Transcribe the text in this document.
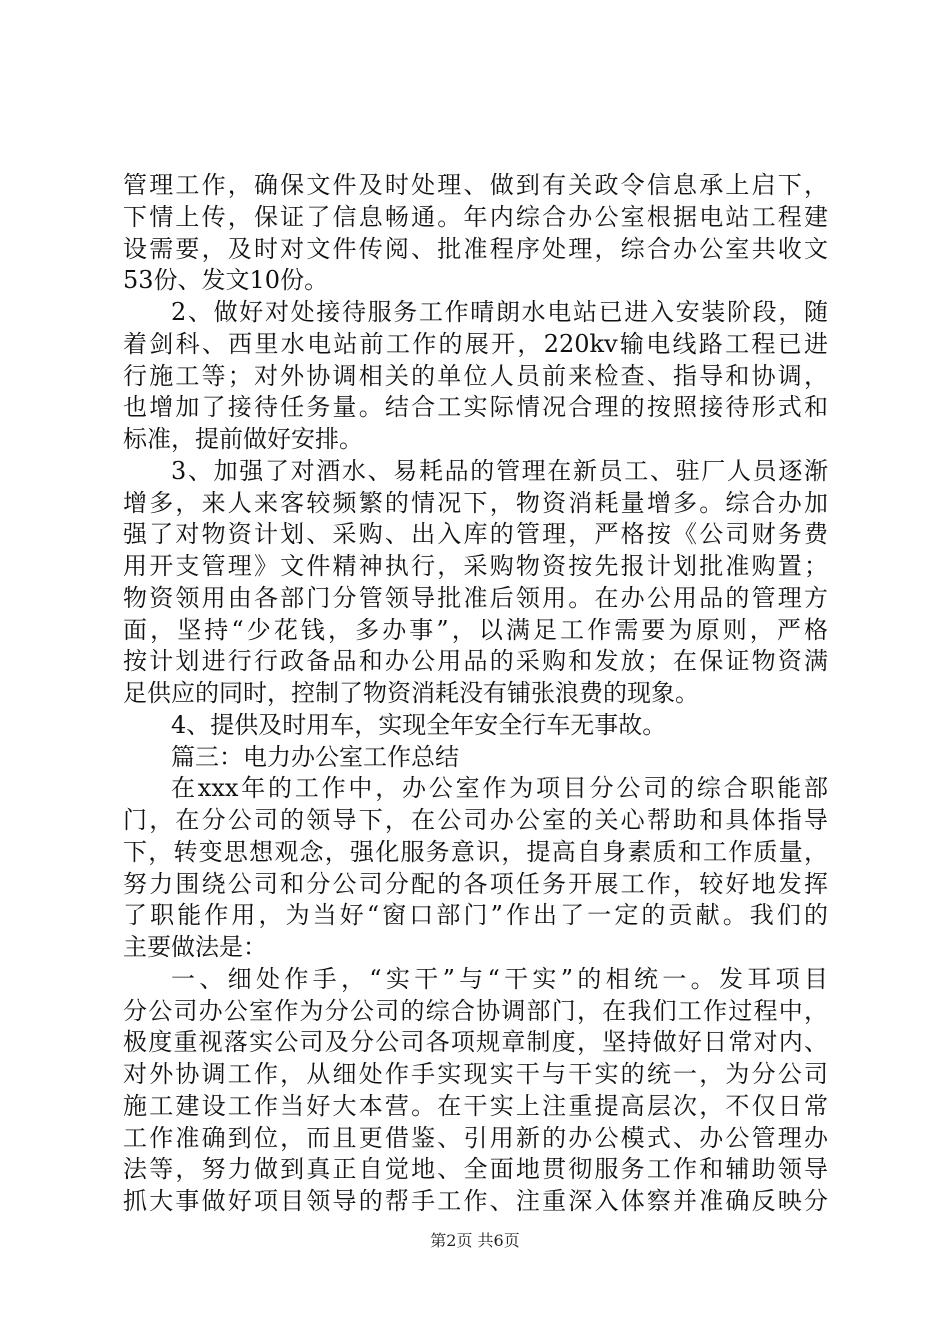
管理工作，确保文件及时处理、做到有关政令信息承上启下，
下情上传，保证了信息畅通。年内综合办公室根据电站工程建
设需要，及时对文件传阅、批准程序处理，综合办公室共收文
53份、发文10份。
2、做好对处接待服务工作晴朗水电站已进入安装阶段，随
着剑科、西里水电站前工作的展开，220kv输电线路工程已进
行施工等；对外协调相关的单位人员前来检查、指导和协调，
也增加了接待任务量。结合工实际情况合理的按照接待形式和
标准，提前做好安排。
3、加强了对酒水、易耗品的管理在新员工、驻厂人员逐渐
增多，来人来客较频繁的情况下，物资消耗量增多。综合办加
强了对物资计划、采购、出入库的管理，严格按《公司财务费
用开支管理》文件精神执行，采购物资按先报计划批准购置；
物资领用由各部门分管领导批准后领用。在办公用品的管理方
面，坚持“少花钱，多办事”，以满足工作需要为原则，严格
按计划进行行政备品和办公用品的采购和发放；在保证物资满
足供应的同时，控制了物资消耗没有铺张浪费的现象。
4、提供及时用车，实现全年安全行车无事故。
篇三：电力办公室工作总结
在xxx年的工作中，办公室作为项目分公司的综合职能部
门，在分公司的领导下，在公司办公室的关心帮助和具体指导
下，转变思想观念，强化服务意识，提高自身素质和工作质量，
努力围绕公司和分公司分配的各项任务开展工作，较好地发挥
了职能作用，为当好“窗口部门”作出了一定的贡献。我们的
主要做法是：
一、细处作手，“实干”与“干实”的相统一。发耳项目
分公司办公室作为分公司的综合协调部门，在我们工作过程中，
极度重视落实公司及分公司各项规章制度，坚持做好日常对内、
对外协调工作，从细处作手实现实干与干实的统一，为分公司
施工建设工作当好大本营。在干实上注重提高层次，不仅日常
工作准确到位，而且更借鉴、引用新的办公模式、办公管理办
法等，努力做到真正自觉地、全面地贯彻服务工作和辅助领导
抓大事做好项目领导的帮手工作、注重深入体察并准确反映分
第2页 共6页
